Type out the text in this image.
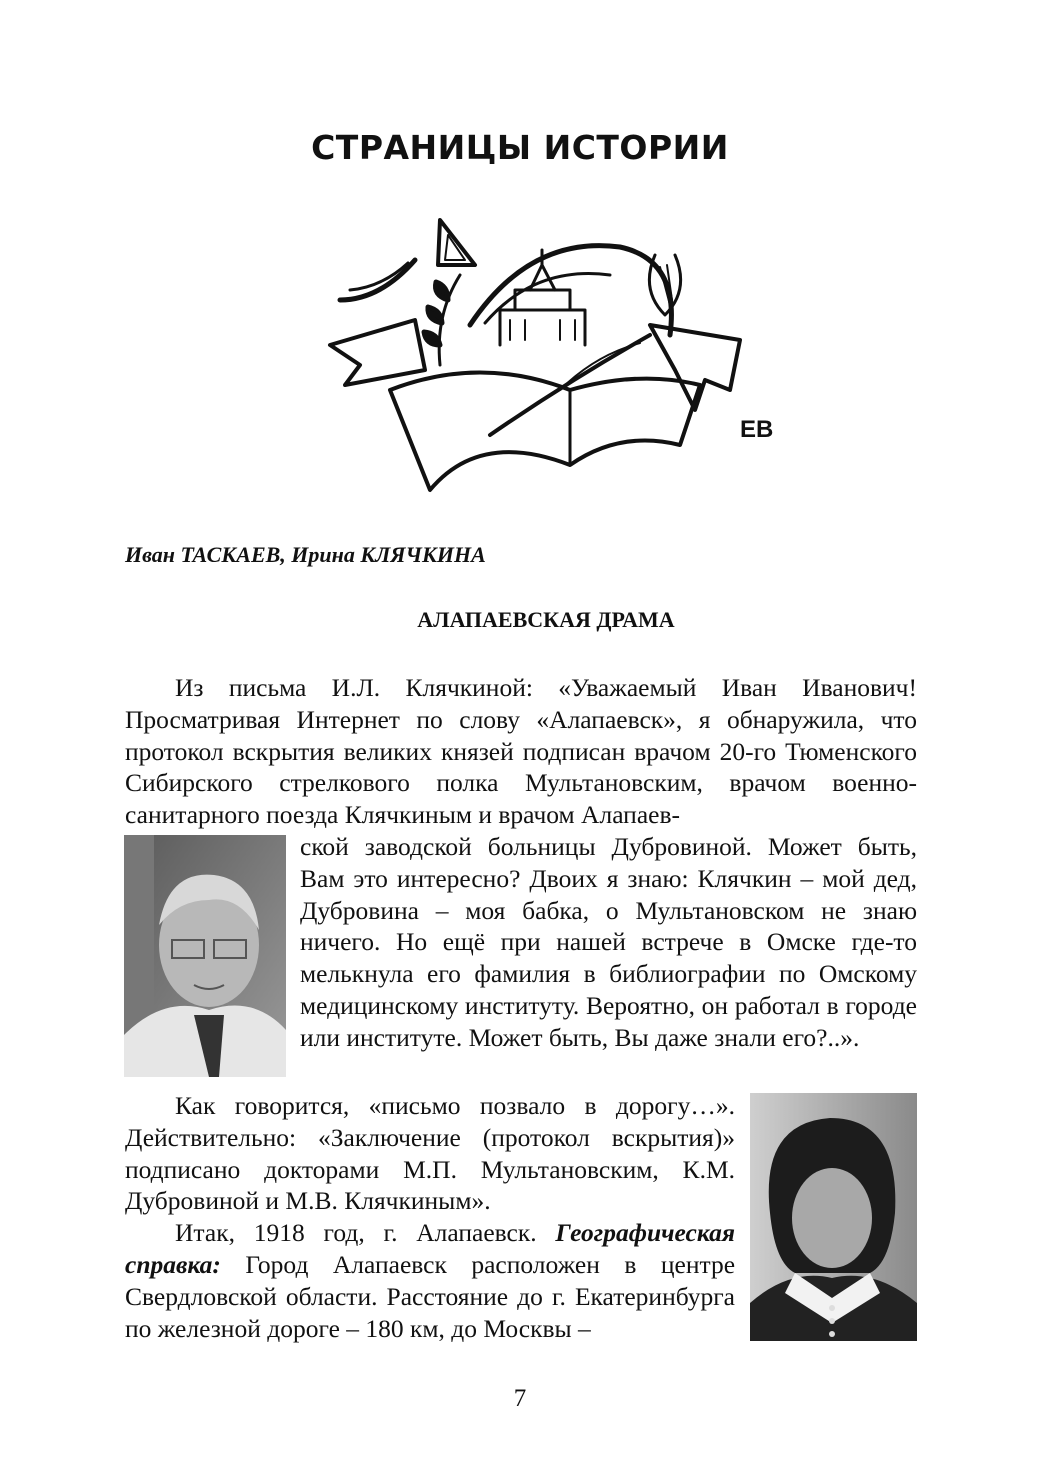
СТРАНИЦЫ ИСТОРИИ
ЕВ
Иван ТАСКАЕВ, Ирина КЛЯЧКИНА
АЛАПАЕВСКАЯ ДРАМА

Из письма И.Л. Клячкиной: «Уважаемый Иван Иванович! Просматривая Интернет по слову «Алапаевск», я обнаружила, что протокол вскрытия великих князей подписан врачом 20-го Тюменского Сибирского стрелкового полка Мультановским, врачом военно-санитарного поезда Клячкиным и врачом Алапаев-

ской заводской больницы Дубровиной. Может быть, Вам это интересно? Двоих я знаю: Клячкин – мой дед, Дубровина – моя бабка, о Мультановском не знаю ничего. Но ещё при нашей встрече в Омске где-то мелькнула его фамилия в библиографии по Омскому медицинскому институту. Вероятно, он работал в городе или институте. Может быть, Вы даже знали его?..».

Как говорится, «письмо позвало в дорогу…». Действительно: «Заключение (протокол вскрытия)» подписано докторами М.П. Мультановским, К.М. Дубровиной и М.В. Клячкиным».

Итак, 1918 год, г. Алапаевск. Географическая справка: Город Алапаевск расположен в центре Свердловской области. Расстояние до г. Екатеринбурга по железной дороге – 180 км, до Москвы –

7
